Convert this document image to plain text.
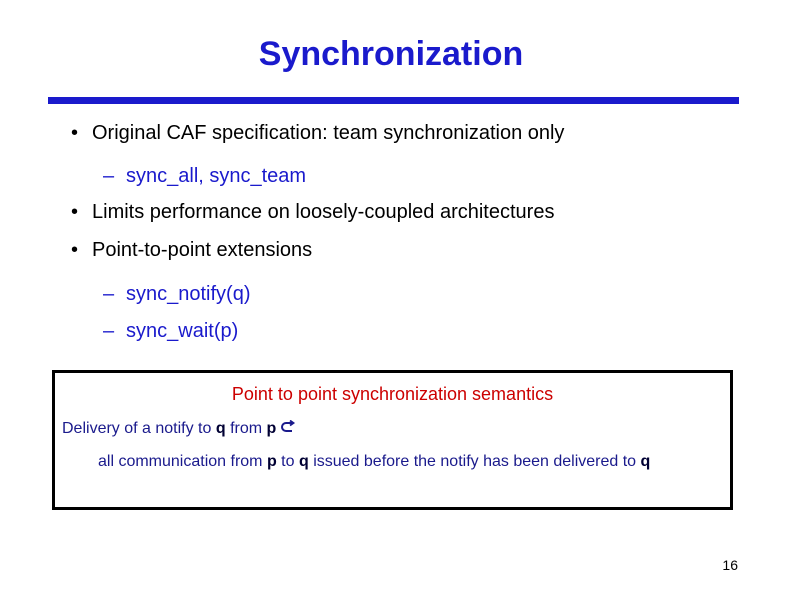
Synchronization
• Original CAF specification: team synchronization only
– sync_all, sync_team
• Limits performance on loosely-coupled architectures
• Point-to-point extensions
– sync_notify(q)
– sync_wait(p)
Point to point synchronization semantics
Delivery of a notify to q from p
all communication from p to q issued before the notify has been delivered to q
16
